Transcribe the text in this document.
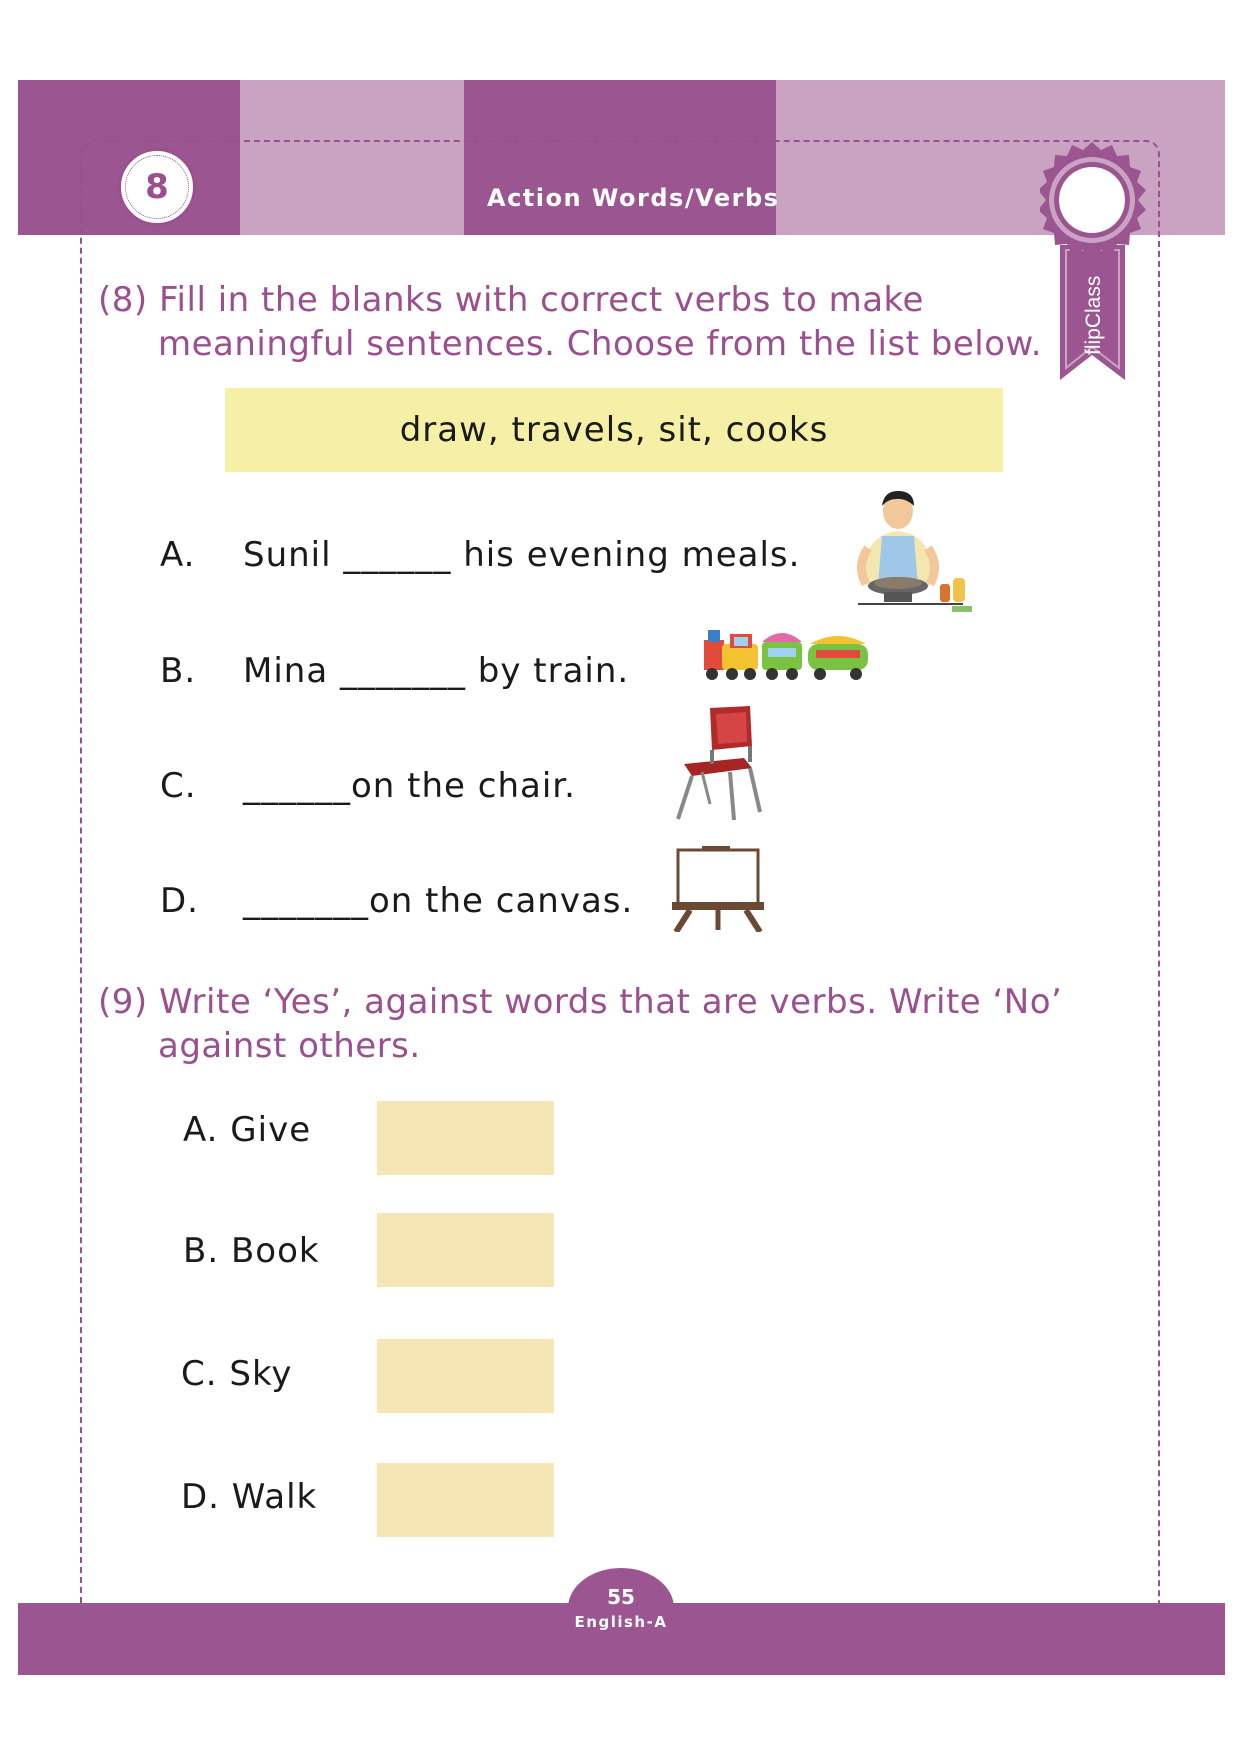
8	Action Words/Verbs
flipClass
(8) Fill in the blanks with correct verbs to make
meaningful sentences. Choose from the list below.
draw, travels, sit, cooks
A. Sunil ______ his evening meals.
B. Mina _______ by train.
C. ______on the chair.
D. _______on the canvas.
(9) Write ‘Yes’, against words that are verbs. Write ‘No’
against others.
A. Give
B. Book
C. Sky
D. Walk
55
English-A
